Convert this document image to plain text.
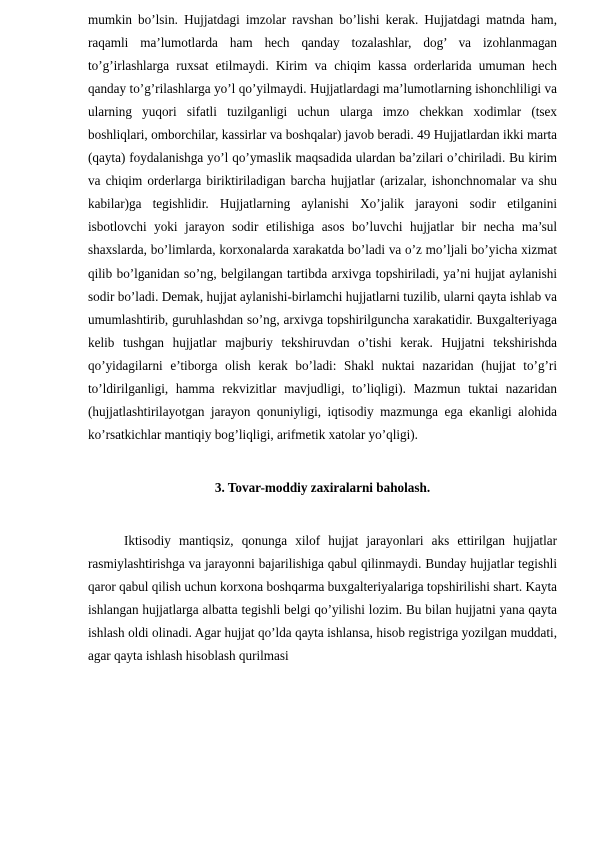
mumkin bo’lsin. Hujjatdagi imzolar ravshan bo’lishi kerak. Hujjatdagi matnda ham, raqamli ma’lumotlarda ham hech qanday tozalashlar, dog’ va izohlanmagan to’g’irlashlarga ruxsat etilmaydi. Kirim va chiqim kassa orderlarida umuman hech qanday to’g’rilashlarga yo’l qo’yilmaydi. Hujjatlardagi ma’lumotlarning ishonchliligi va ularning yuqori sifatli tuzilganligi uchun ularga imzo chekkan xodimlar (tsex boshliqlari, omborchilar, kassirlar va boshqalar) javob beradi. 49 Hujjatlardan ikki marta (qayta) foydalanishga yo’l qo’ymaslik maqsadida ulardan ba’zilari o’chiriladi. Bu kirim va chiqim orderlarga biriktiriladigan barcha hujjatlar (arizalar, ishonchnomalar va shu kabilar)ga tegishlidir. Hujjatlarning aylanishi Xo’jalik jarayoni sodir etilganini isbotlovchi yoki jarayon sodir etilishiga asos bo’luvchi hujjatlar bir necha ma’sul shaxslarda, bo’limlarda, korxonalarda xarakatda bo’ladi va o’z mo’ljali bo’yicha xizmat qilib bo’lganidan so’ng, belgilangan tartibda arxivga topshiriladi, ya’ni hujjat aylanishi sodir bo’ladi. Demak, hujjat aylanishi-birlamchi hujjatlarni tuzilib, ularni qayta ishlab va umumlashtirib, guruhlashdan so’ng, arxivga topshirilguncha xarakatidir. Buxgalteriyaga kelib tushgan hujjatlar majburiy tekshiruvdan o’tishi kerak. Hujjatni tekshirishda qo’yidagilarni e’tiborga olish kerak bo’ladi: Shakl nuktai nazaridan (hujjat to’g’ri to’ldirilganligi, hamma rekvizitlar mavjudligi, to’liqligi). Mazmun tuktai nazaridan (hujjatlashtirilayotgan jarayon qonuniyligi, iqtisodiy mazmunga ega ekanligi alohida ko’rsatkichlar mantiqiy bog’liqligi, arifmetik xatolar yo’qligi).

3. Tovar-moddiy zaxiralarni baholash.

Iktisodiy mantiqsiz, qonunga xilof hujjat jarayonlari aks ettirilgan hujjatlar rasmiylashtirishga va jarayonni bajarilishiga qabul qilinmaydi. Bunday hujjatlar tegishli qaror qabul qilish uchun korxona boshqarma buxgalteriyalariga topshirilishi shart. Kayta ishlangan hujjatlarga albatta tegishli belgi qo’yilishi lozim. Bu bilan hujjatni yana qayta ishlash oldi olinadi. Agar hujjat qo’lda qayta ishlansa, hisob registriga yozilgan muddati, agar qayta ishlash hisoblash qurilmasi
